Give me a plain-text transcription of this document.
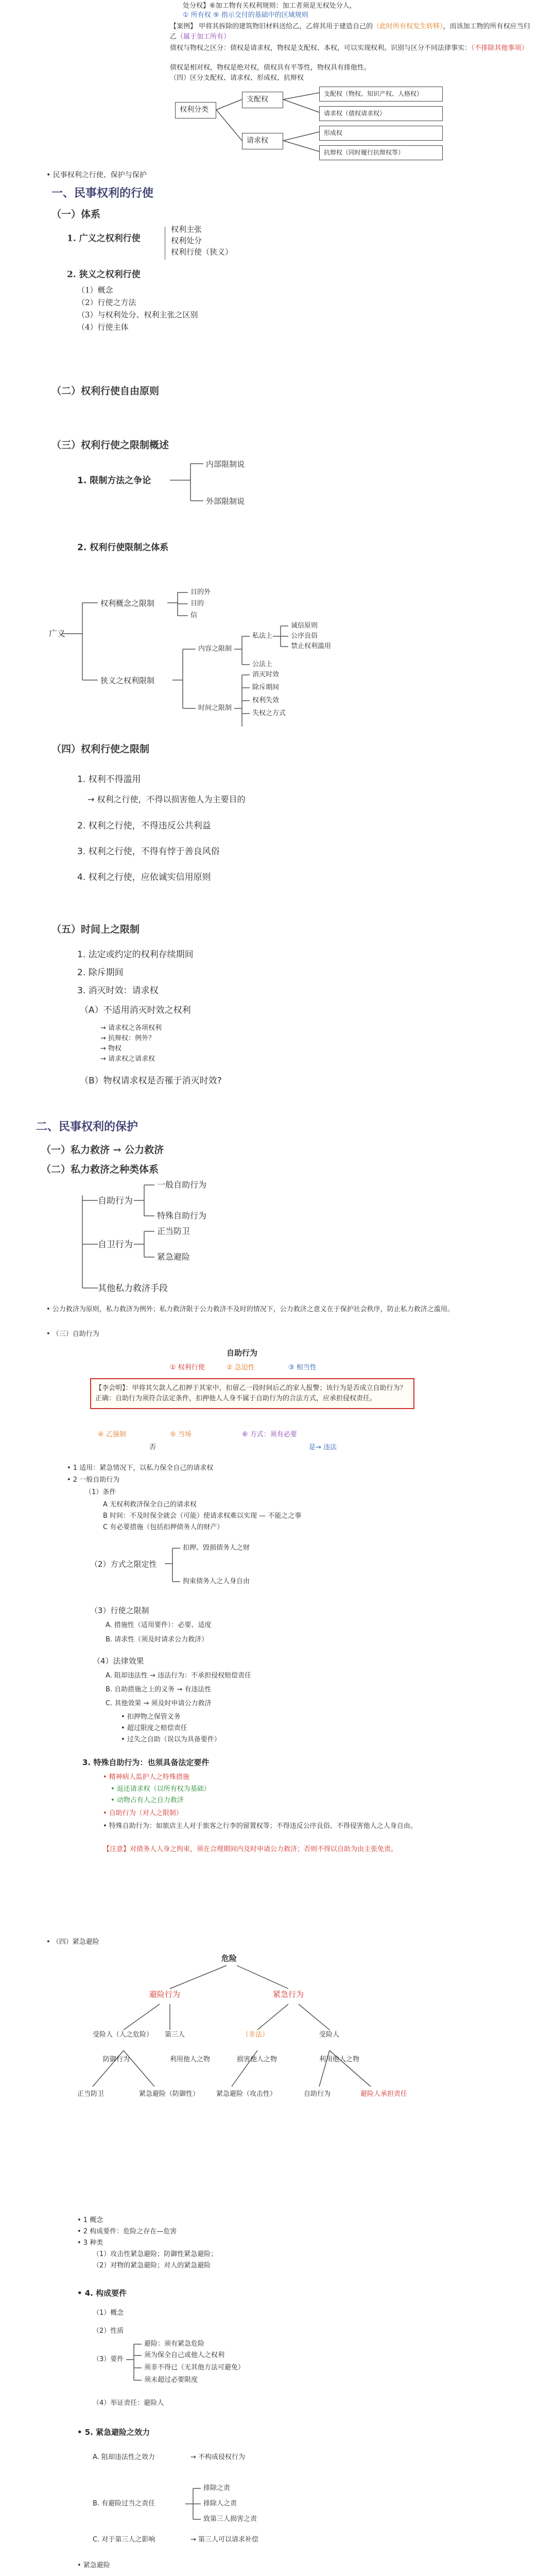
处分权】⑥加工物有关权利规则：加工者须是无权处分人，
① 所有权 ⑨ 指示交付的基础中的区域规则
【案例】 甲将其拆除的建筑物旧材料送给乙，乙将其用于建造自己的（此时所有权发生转移），而该加工物的所有权应当归乙（属于加工所有）
债权与物权之区分：债权是请求权，物权是支配权、本权，可以实现权利。识别与区分不同法律事实：（不排除其他事项）
债权是相对权，物权是绝对权，债权具有平等性，物权具有排他性。
（四）区分支配权、请求权、形成权、抗辩权
权利分类
支配权
请求权
支配权（物权、知识产权、人格权）
请求权（债权请求权）
形成权
抗辩权（同时履行抗辩权等）
• 民事权利之行使、保护与保护
一、民事权利的行使
（一）体系
1. 广义之权利行使
权利主张
权利处分
权利行使（狭义）
2. 狭义之权利行使
（1）概念
（2）行使之方法
（3）与权利处分、权利主张之区别
（4）行使主体
（二）权利行使自由原则
（三）权利行使之限制概述
1. 限制方法之争论
内部限制说
外部限制说
2. 权利行使限制之体系
广义
权利概念之限制
目的外
目的
信
狭义之权利限制
内容之限制
时间之限制
私法上
公法上
诚信原则
公序良俗
禁止权利滥用
消灭时效
除斥期间
权利失效
失权之方式
（四）权利行使之限制
1. 权利不得滥用
→ 权利之行使，不得以损害他人为主要目的
2. 权利之行使，不得违反公共利益
3. 权利之行使，不得有悖于善良风俗
4. 权利之行使，应依诚实信用原则
（五）时间上之限制
1. 法定或约定的权利存续期间
2. 除斥期间
3. 消灭时效：请求权
（A）不适用消灭时效之权利
→ 请求权之各项权利
→ 抗辩权：例外？
→ 物权
→ 请求权之请求权
（B）物权请求权是否罹于消灭时效?
二、民事权利的保护
（一）私力救济 → 公力救济
（二）私力救济之种类体系
自助行为
一般自助行为
特殊自助行为
自卫行为
正当防卫
紧急避险
其他私力救济手段
• 公力救济为原则，私力救济为例外；私力救济限于公力救济不及时的情况下，公力救济之意义在于保护社会秩序，防止私力救济之滥用。
• （三）自助行为
自助行为
① 权利行使	② 急迫性	③ 相当性
【李会明】：甲将其欠款人乙扣押于其家中，扣留乙一段时间后乙的家人报警；该行为是否成立自助行为？正确：自助行为须符合法定条件，扣押他人人身不属于自助行为的合法方式，应承担侵权责任。
④ 乙强制	⑤ 当场	⑥ 方式：须有必要
否	是→ 违法
• 1 适用：紧急情况下，以私力保全自己的请求权
• 2 一般自助行为
（1）条件
A 无权利救济保全自己的请求权
B 时间：不及时保全就会（可能）使请求权难以实现 — 不能之之事
C 有必要措施（包括扣押债务人的财产）
（2）方式之限定性
扣押、毁损债务人之财
拘束债务人之人身自由
（3）行使之限制
A. 措施性（适用要件）：必要、适度
B. 请求性（须及时请求公力救济）
（4）法律效果
A. 阻却违法性 → 违法行为：不承担侵权赔偿责任
B. 自助措施之上的义务 → 有违法性
C. 其他效果 → 须及时申请公力救济
• 扣押物之保管义务
• 超过限度之赔偿责任
• 过失之自助（误以为具备要件）
3. 特殊自助行为：也须具备法定要件
• 精神病人监护人之特殊措施
• 返还请求权（以所有权为基础）
• 动物占有人之自力救济
• 自助行为（对人之限制）
• 特殊自助行为：如旅店主人对于旅客之行李的留置权等；不得违反公序良俗、不得侵害他人之人身自由。
【注意】对债务人人身之拘束，须在合理期间内及时申请公力救济；否则不得以自助为由主张免责。
• （四）紧急避险
危险
避险行为	紧急行为
受险人（人之危险） 第三人	（非法）	受险人
防御行为	利用他人之物	损害他人之物	利用他人之物
正当防卫	紧急避险（防御性）	紧急避险（攻击性）	自助行为	避险人承担责任
• 1 概念
• 2 构成要件：危险之存在—危害
• 3 种类
（1）攻击性紧急避险；防御性紧急避险；
（2）对物的紧急避险；对人的紧急避险
• 4. 构成要件
（1）概念
（2）性质
（3）要件
避险：须有紧急危险
须为保全自己或他人之权利
须非不得已（无其他方法可避免）
须未超过必要限度
（4）举证责任：避险人
• 5. 紧急避险之效力
A. 阻却违法性之效力	→ 不构成侵权行为
B. 有避险过当之责任
排除之责
排除人之责
致第三人损害之责
C. 对于第三人之影响	→ 第三人可以请求补偿
• 紧急避险
